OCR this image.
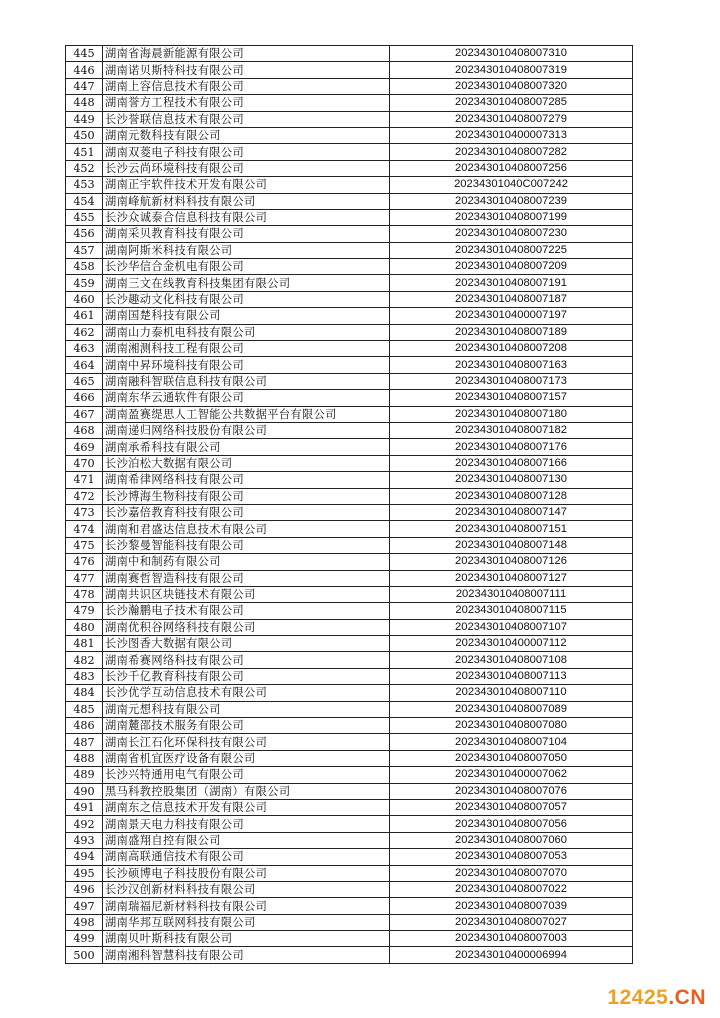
445	湖南省海晨新能源有限公司	202343010408007310
446	湖南诺贝斯特科技有限公司	202343010408007319
447	湖南上容信息技术有限公司	202343010408007320
448	湖南誉方工程技术有限公司	202343010408007285
449	长沙誉联信息技术有限公司	202343010408007279
450	湖南元数科技有限公司	202343010400007313
451	湖南双菱电子科技有限公司	202343010408007282
452	长沙云尚环境科技有限公司	202343010408007256
453	湖南正宇软件技术开发有限公司	20234301040C007242
454	湖南峰航新材料科技有限公司	202343010408007239
455	长沙众诚泰合信息科技有限公司	202343010408007199
456	湖南采贝教育科技有限公司	202343010408007230
457	湖南阿斯米科技有限公司	202343010408007225
458	长沙华信合金机电有限公司	202343010408007209
459	湖南三文在线教育科技集团有限公司	202343010408007191
460	长沙趣动文化科技有限公司	202343010408007187
461	湖南国楚科技有限公司	202343010400007197
462	湖南山力泰机电科技有限公司	202343010408007189
463	湖南湘测科技工程有限公司	202343010408007208
464	湖南中昇环境科技有限公司	202343010408007163
465	湖南融科智联信息科技有限公司	202343010408007173
466	湖南东华云通软件有限公司	202343010408007157
467	湖南盈赛缇思人工智能公共数据平台有限公司	202343010408007180
468	湖南递归网络科技股份有限公司	202343010408007182
469	湖南承希科技有限公司	202343010408007176
470	长沙泊松大数据有限公司	202343010408007166
471	湖南希律网络科技有限公司	202343010408007130
472	长沙博海生物科技有限公司	202343010408007128
473	长沙嘉倍教育科技有限公司	202343010408007147
474	湖南和君盛达信息技术有限公司	202343010408007151
475	长沙黎曼智能科技有限公司	202343010408007148
476	湖南中和制药有限公司	202343010408007126
477	湖南赛哲智造科技有限公司	202343010408007127
478	湖南共识区块链技术有限公司	202343010408007111
479	长沙瀚鹏电子技术有限公司	202343010408007115
480	湖南优积谷网络科技有限公司	202343010408007107
481	长沙图香大数据有限公司	202343010400007112
482	湖南希赛网络科技有限公司	202343010408007108
483	长沙千亿教育科技有限公司	202343010408007113
484	长沙优学互动信息技术有限公司	202343010408007110
485	湖南元想科技有限公司	202343010408007089
486	湖南麓邵技术服务有限公司	202343010408007080
487	湖南长江石化环保科技有限公司	202343010408007104
488	湖南省机宜医疗设备有限公司	202343010408007050
489	长沙兴特通用电气有限公司	202343010400007062
490	黑马科教控股集团（湖南）有限公司	202343010408007076
491	湖南东之信息技术开发有限公司	202343010408007057
492	湖南景天电力科技有限公司	202343010408007056
493	湖南盛翔自控有限公司	202343010408007060
494	湖南高联通信技术有限公司	202343010408007053
495	长沙硕博电子科技股份有限公司	202343010408007070
496	长沙汉创新材料科技有限公司	202343010408007022
497	湖南瑞福尼新材料科技有限公司	202343010408007039
498	湖南华邦互联网科技有限公司	202343010408007027
499	湖南贝叶斯科技有限公司	202343010408007003
500	湖南湘科智慧科技有限公司	202343010400006994
12425.CN
